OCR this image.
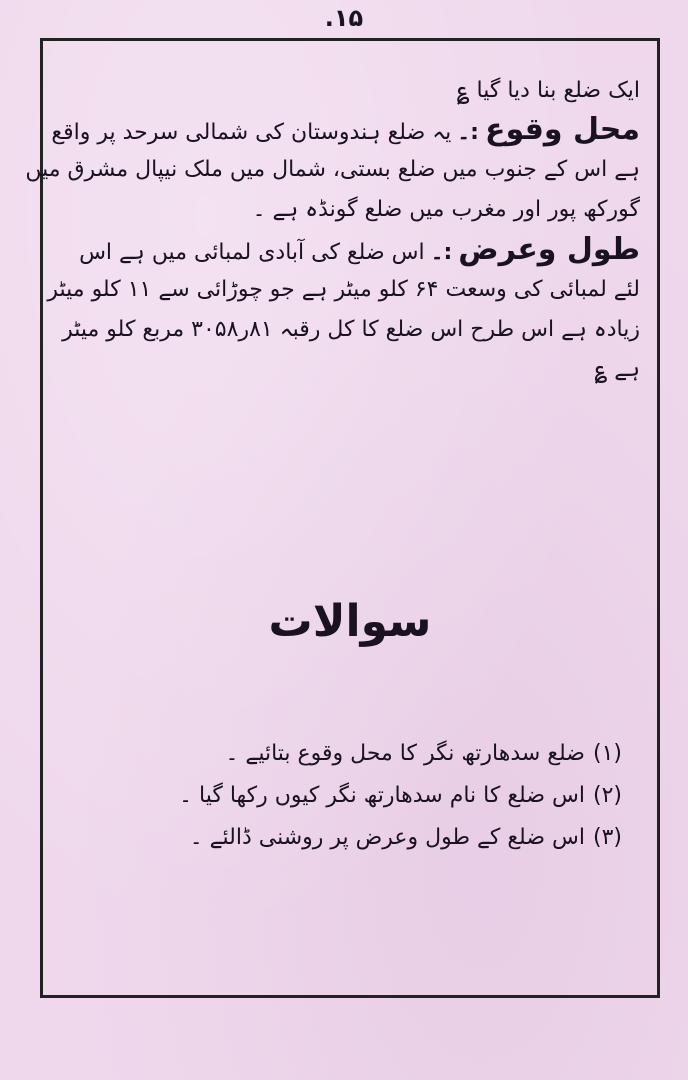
۱۵.
ایک ضلع بنا دیا گیا ؏
محل وقوع:۔یہ ضلع ہندوستان کی شمالی سرحد پر واقع
ہے اس کے جنوب میں ضلع بستی، شمال میں ملک نیپال مشرق میں
گورکھ پور اور مغرب میں ضلع گونڈہ ہے ۔
طول وعرض:۔اس ضلع کی آبادی لمبائی میں ہے اس
لئے لمبائی کی وسعت ۶۴ کلو میٹر ہے جو چوڑائی سے ۱۱ کلو میٹر
زیادہ ہے اس طرح اس ضلع کا کل رقبہ ۸۱ر۳۰۵۸ مربع کلو میٹر
ہے ؏
سوالات
(۱)ضلع سدھارتھ نگر کا محل وقوع بتائیے ۔
(۲)اس ضلع کا نام سدھارتھ نگر کیوں رکھا گیا ۔
(۳)اس ضلع کے طول وعرض پر روشنی ڈالئے ۔
